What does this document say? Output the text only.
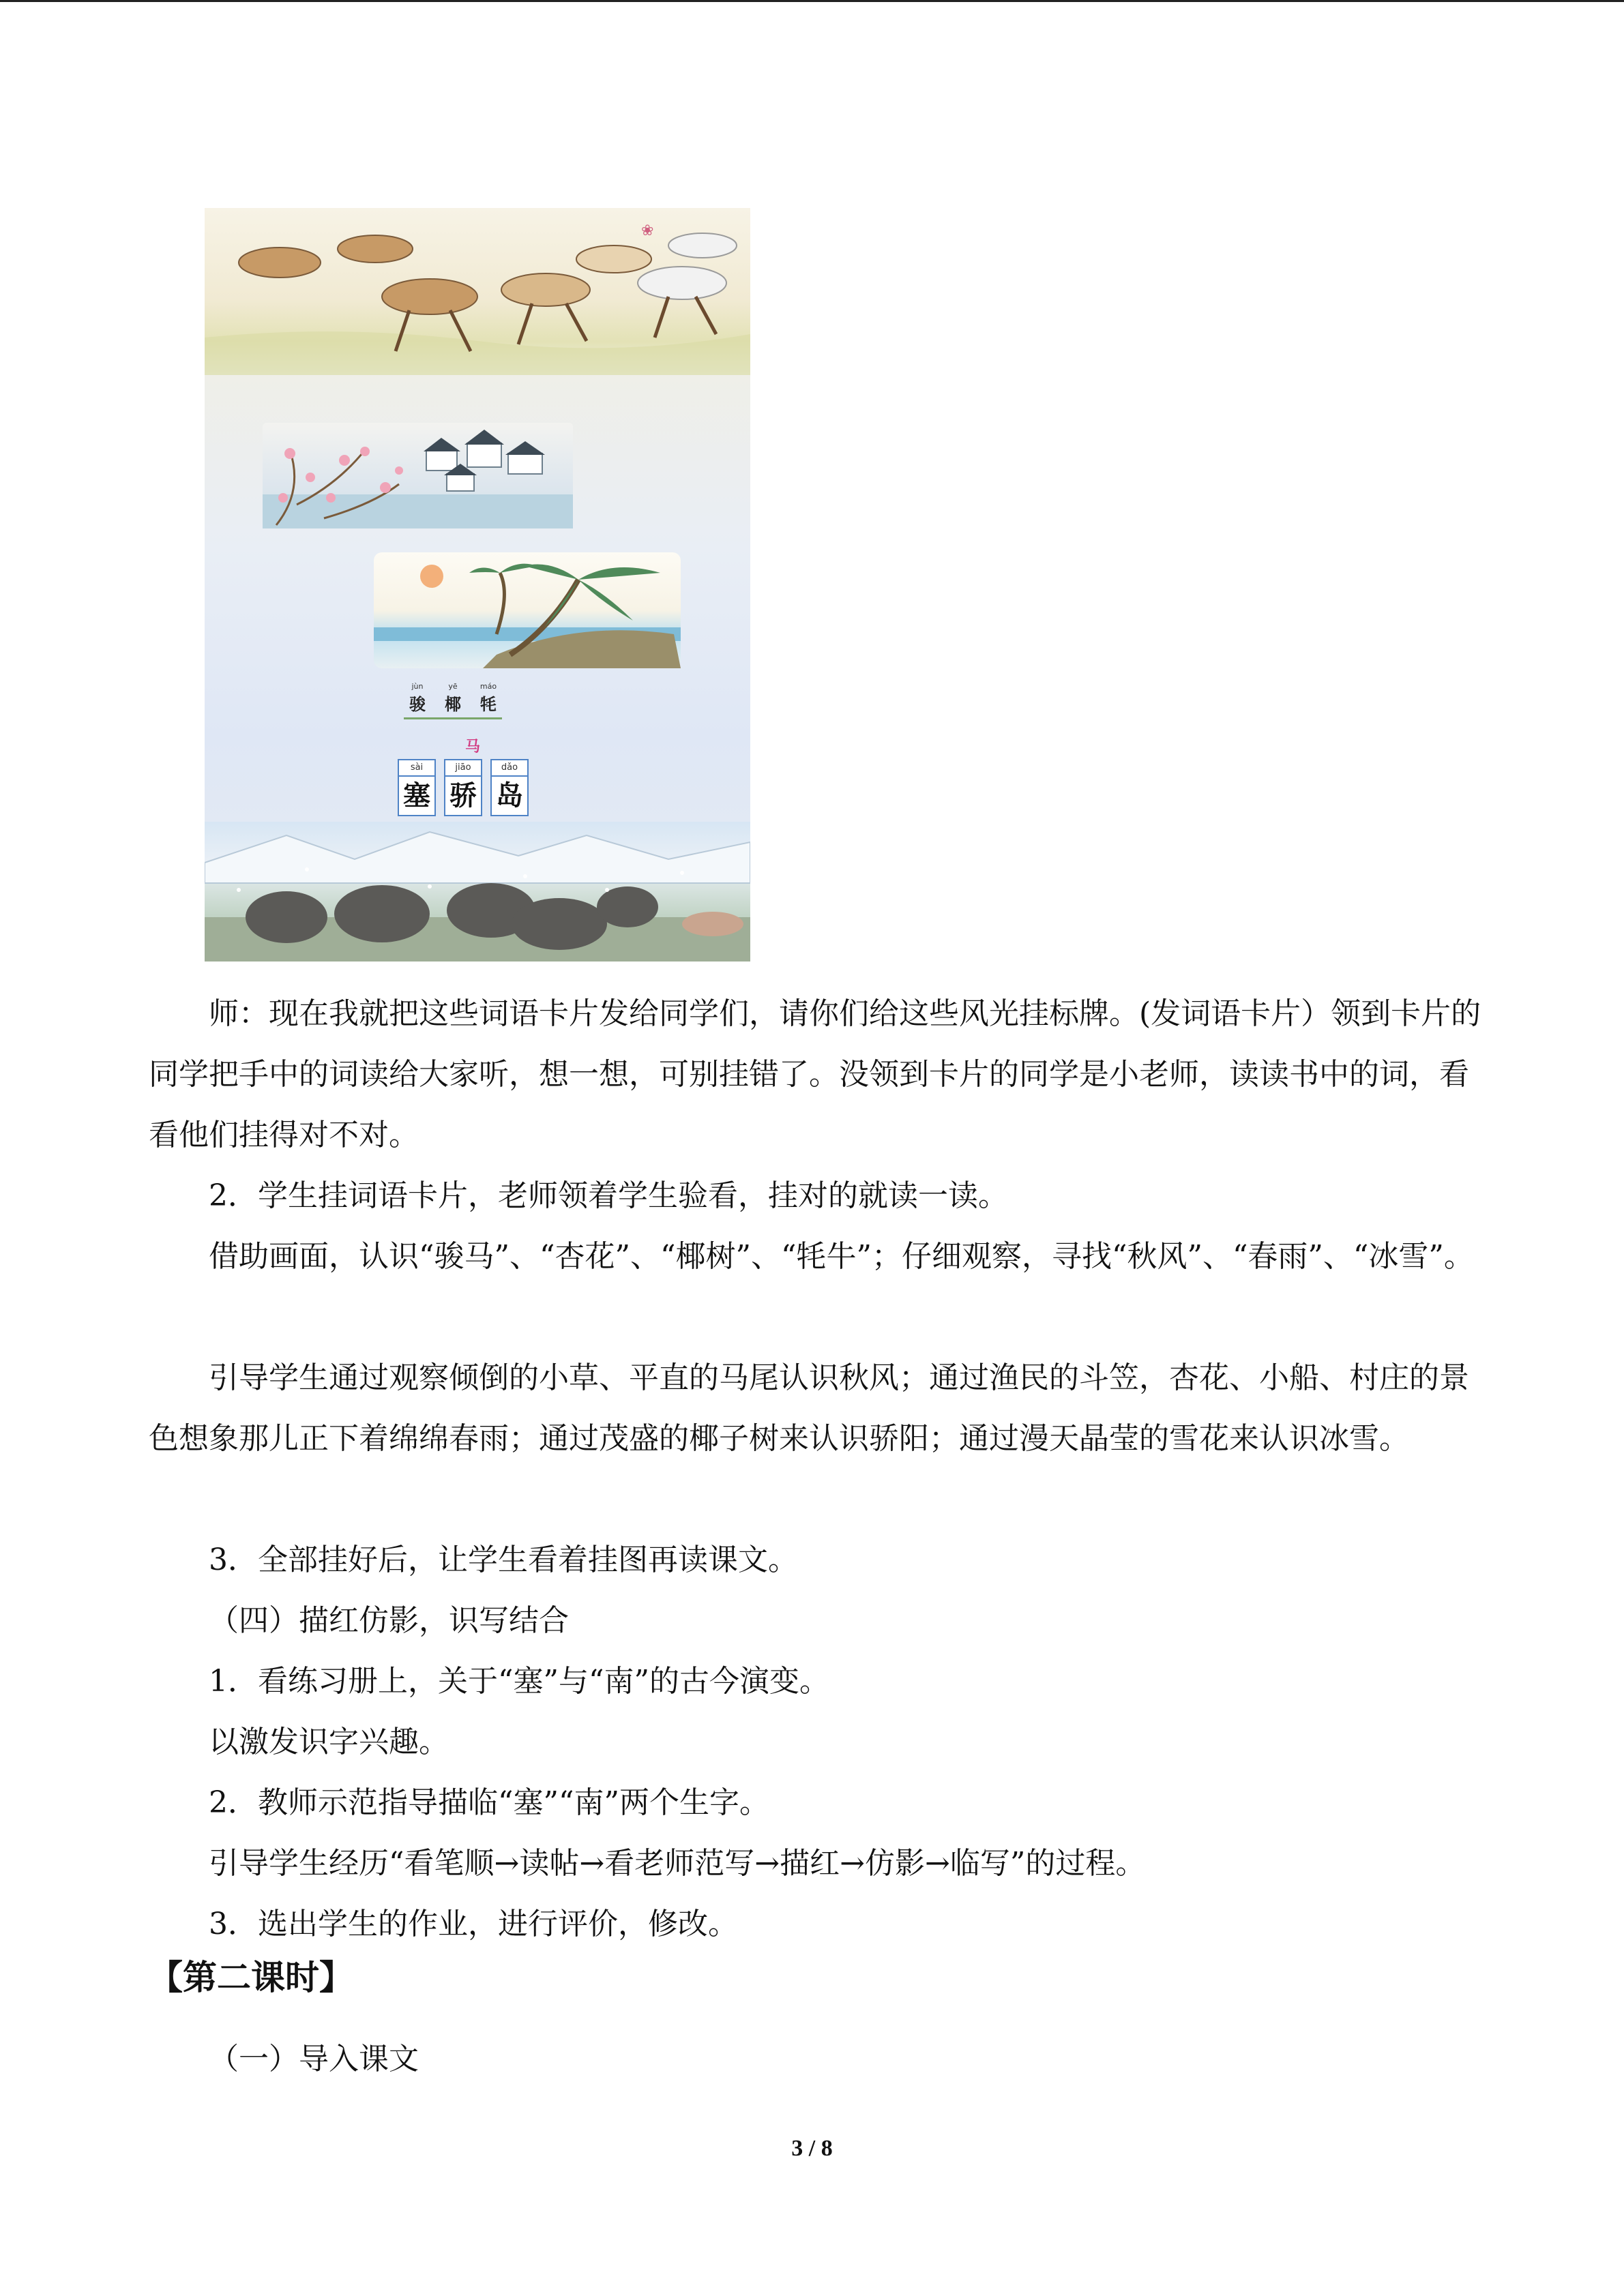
❀
jùn
骏
yē
椰
máo
牦
马
sài
塞
jiāo
骄
dǎo
岛

师：现在我就把这些词语卡片发给同学们，请你们给这些风光挂标牌。(发词语卡片）领到卡片的同学把手中的词读给大家听，想一想，可别挂错了。没领到卡片的同学是小老师，读读书中的词，看看他们挂得对不对。

2．学生挂词语卡片，老师领着学生验看，挂对的就读一读。

借助画面，认识“骏马”、“杏花”、“椰树”、“牦牛”；仔细观察，寻找“秋风”、“春雨”、“冰雪”。

引导学生通过观察倾倒的小草、平直的马尾认识秋风；通过渔民的斗笠，杏花、小船、村庄的景色想象那儿正下着绵绵春雨；通过茂盛的椰子树来认识骄阳；通过漫天晶莹的雪花来认识冰雪。

3．全部挂好后，让学生看着挂图再读课文。

（四）描红仿影，识写结合

1．看练习册上，关于“塞”与“南”的古今演变。

以激发识字兴趣。

2．教师示范指导描临“塞”“南”两个生字。

引导学生经历“看笔顺→读帖→看老师范写→描红→仿影→临写”的过程。

3．选出学生的作业，进行评价，修改。

【第二课时】

（一）导入课文

3 / 8
